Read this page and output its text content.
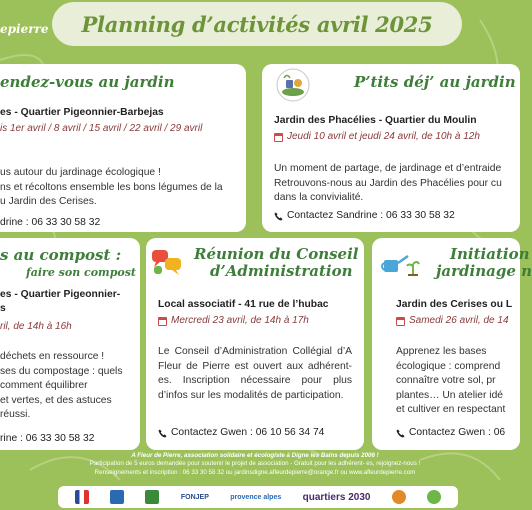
epierre Planning d’activités avril 2025
endez-vous au jardin
es - Quartier Pigeonnier-Barbejas
is 1er avril / 8 avril / 15 avril / 22 avril / 29 avril

us autour du jardinage écologique !

ns et récoltons ensemble les bons légumes de la

u Jardin des Cerises.

drine : 06 33 30 58 32
P’tits déj’ au jardin
Jardin des Phacélies - Quartier du Moulin
Jeudi 10 avril et jeudi 24 avril, de 10h à 12h

Un moment de partage, de jardinage et d’entraide

Retrouvons-nous au Jardin des Phacélies pour cu

dans la convivialité.

Contactez Sandrine : 06 33 30 58 32
s au compost :
faire son compost
es - Quartier Pigeonnier-
s
ril, de 14h à 16h

déchets en ressource !

ses du compostage : quels

comment équilibrer

et vertes, et des astuces

réussi.

rine : 06 33 30 58 32
Réunion du Conseil
d’Administration
Local associatif - 41 rue de l’hubac
Mercredi 23 avril, de 14h à 17h

Le Conseil d’Administration Collégial d’A Fleur de Pierre est ouvert aux adhérent-es. Inscription nécessaire pour plus d’infos sur les modalités de participation.

Contactez Gwen : 06 10 56 34 74
Initiation
jardinage n
Jardin des Cerises ou L
Samedi 26 avril, de 14

Apprenez les bases

écologique : comprend

connaître votre sol, pr

plantes… Un atelier idé

et cultiver en respectant

Contactez Gwen : 06
A Fleur de Pierre, association solidaire et écologiste à Digne les Bains depuis 2006 !
Participation de 5 euros demandée pour soutenir le projet de association - Gratuit pour les adhérent- es, rejoignez-nous !
Renseignements et inscription : 06 33 30 58 32 ou jardinsdigne.afleurdepierre@orange.fr ou www.afleurdepierre.com
FONJEP	provence alpes quartiers 2030
